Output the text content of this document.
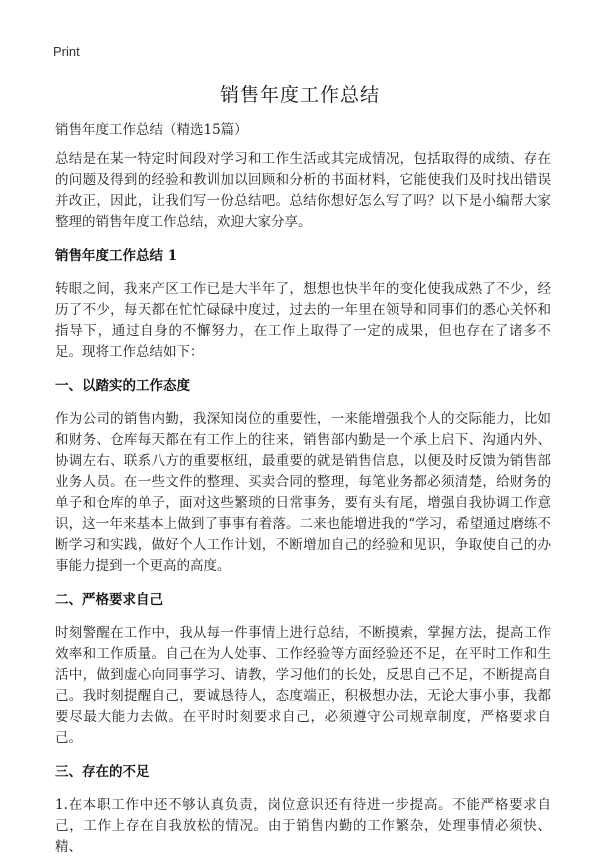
Print
销售年度工作总结

销售年度工作总结（精选15篇）

总结是在某一特定时间段对学习和工作生活或其完成情况，包括取得的成绩、存在的问题及得到的经验和教训加以回顾和分析的书面材料，它能使我们及时找出错误并改正，因此，让我们写一份总结吧。总结你想好怎么写了吗？以下是小编帮大家整理的销售年度工作总结，欢迎大家分享。

销售年度工作总结 1

转眼之间，我来产区工作已是大半年了，想想也快半年的变化使我成熟了不少，经历了不少，每天都在忙忙碌碌中度过，过去的一年里在领导和同事们的悉心关怀和指导下，通过自身的不懈努力，在工作上取得了一定的成果，但也存在了诸多不足。现将工作总结如下：

一、以踏实的工作态度

作为公司的销售内勤，我深知岗位的重要性，一来能增强我个人的交际能力，比如和财务、仓库每天都在有工作上的往来，销售部内勤是一个承上启下、沟通内外、协调左右、联系八方的重要枢纽，最重要的就是销售信息，以便及时反馈为销售部业务人员。在一些文件的整理、买卖合同的整理，每笔业务都必须清楚，给财务的单子和仓库的单子，面对这些繁琐的日常事务，要有头有尾，增强自我协调工作意识，这一年来基本上做到了事事有着落。二来也能增进我的“学习，希望通过磨练不断学习和实践，做好个人工作计划，不断增加自己的经验和见识，争取使自己的办事能力提到一个更高的高度。

二、严格要求自己

时刻警醒在工作中，我从每一件事情上进行总结，不断摸索，掌握方法，提高工作效率和工作质量。自己在为人处事、工作经验等方面经验还不足，在平时工作和生活中，做到虚心向同事学习、请教，学习他们的长处，反思自己不足，不断提高自己。我时刻提醒自己，要诚恳待人，态度端正，积极想办法，无论大事小事，我都要尽最大能力去做。在平时时刻要求自己，必须遵守公司规章制度，严格要求自己。

三、存在的不足

1.在本职工作中还不够认真负责，岗位意识还有待进一步提高。不能严格要求自己，工作上存在自我放松的情况。由于销售内勤的工作繁杂，处理事情必须快、精、
